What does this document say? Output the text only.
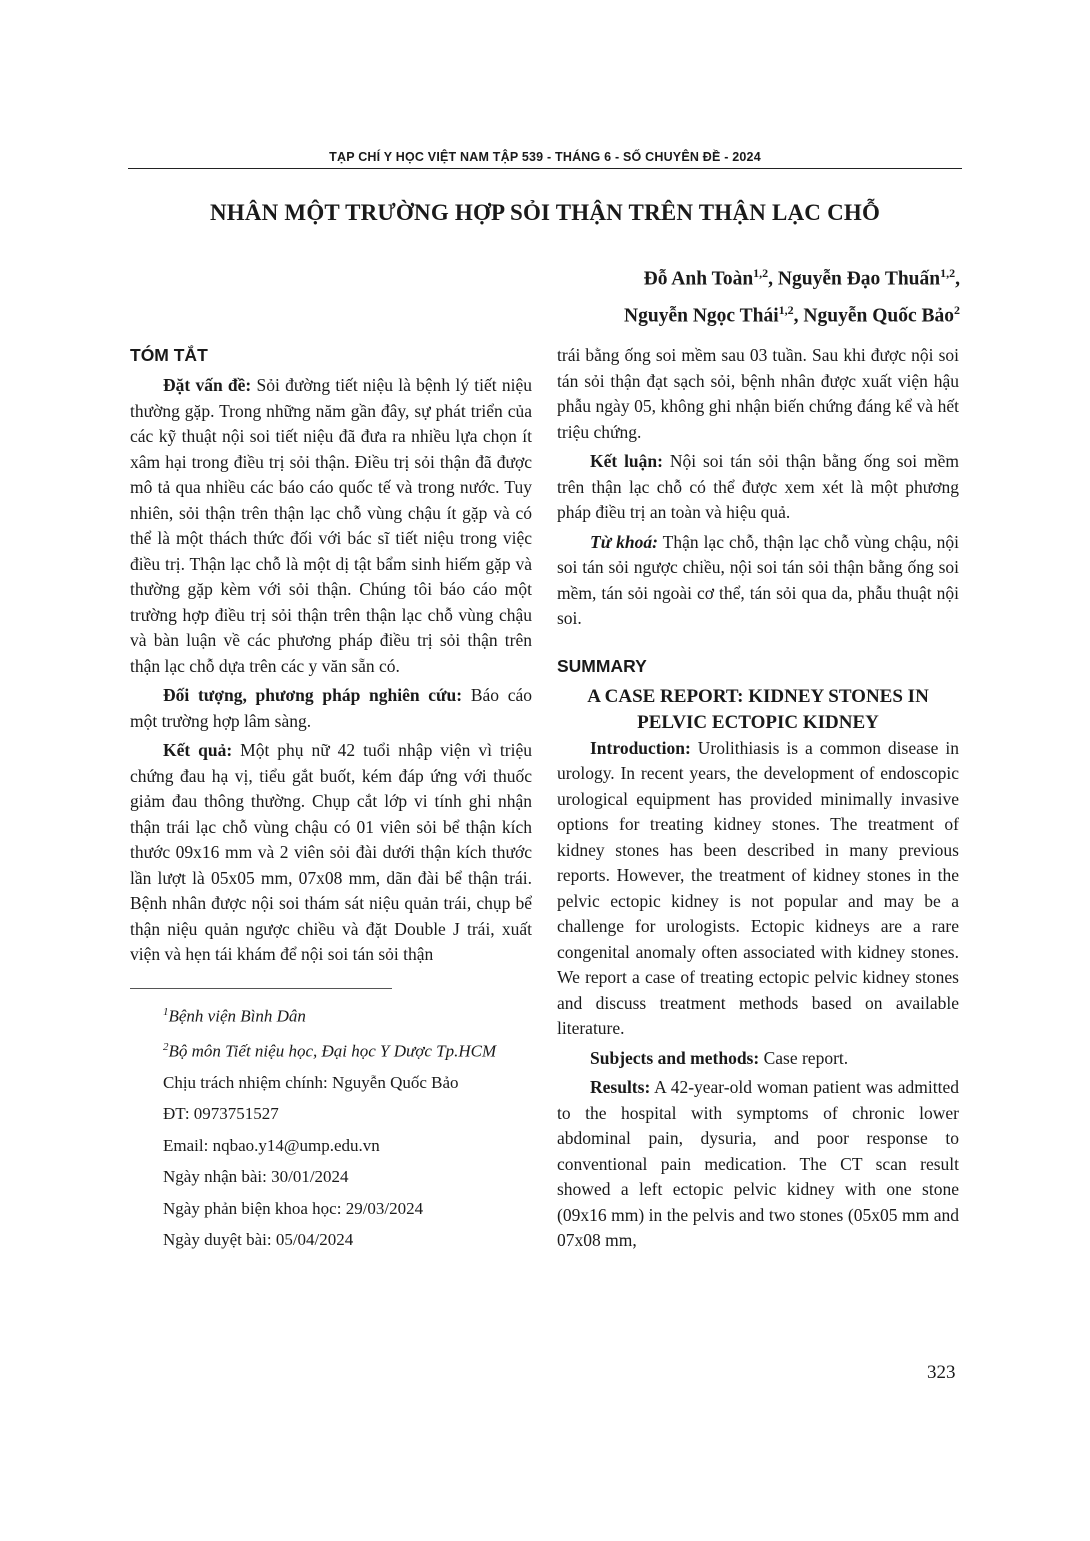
TẠP CHÍ Y HỌC VIỆT NAM TẬP 539 - THÁNG 6 - SỐ CHUYÊN ĐỀ - 2024
NHÂN MỘT TRƯỜNG HỢP SỎI THẬN TRÊN THẬN LẠC CHỖ
Đỗ Anh Toàn$^{1,2}$, Nguyễn Đạo Thuấn$^{1,2}$,
Nguyễn Ngọc Thái$^{1,2}$, Nguyễn Quốc Bảo$^2$
TÓM TẮT

Đặt vấn đề: Sỏi đường tiết niệu là bệnh lý tiết niệu thường gặp. Trong những năm gần đây, sự phát triển của các kỹ thuật nội soi tiết niệu đã đưa ra nhiều lựa chọn ít xâm hại trong điều trị sỏi thận. Điều trị sỏi thận đã được mô tả qua nhiều các báo cáo quốc tế và trong nước. Tuy nhiên, sỏi thận trên thận lạc chỗ vùng chậu ít gặp và có thể là một thách thức đối với bác sĩ tiết niệu trong việc điều trị. Thận lạc chỗ là một dị tật bẩm sinh hiếm gặp và thường gặp kèm với sỏi thận. Chúng tôi báo cáo một trường hợp điều trị sỏi thận trên thận lạc chỗ vùng chậu và bàn luận về các phương pháp điều trị sỏi thận trên thận lạc chỗ dựa trên các y văn sẵn có.

Đối tượng, phương pháp nghiên cứu: Báo cáo một trường hợp lâm sàng.

Kết quả: Một phụ nữ 42 tuổi nhập viện vì triệu chứng đau hạ vị, tiểu gắt buốt, kém đáp ứng với thuốc giảm đau thông thường. Chụp cắt lớp vi tính ghi nhận thận trái lạc chỗ vùng chậu có 01 viên sỏi bể thận kích thước 09x16 mm và 2 viên sỏi đài dưới thận kích thước lần lượt là 05x05 mm, 07x08 mm, dãn đài bể thận trái. Bệnh nhân được nội soi thám sát niệu quản trái, chụp bể thận niệu quản ngược chiều và đặt Double J trái, xuất viện và hẹn tái khám để nội soi tán sỏi thận

$^1$Bệnh viện Bình Dân

$^2$Bộ môn Tiết niệu học, Đại học Y Dược Tp.HCM

Chịu trách nhiệm chính: Nguyễn Quốc Bảo

ĐT: 0973751527

Email: nqbao.y14@ump.edu.vn

Ngày nhận bài: 30/01/2024

Ngày phản biện khoa học: 29/03/2024

Ngày duyệt bài: 05/04/2024

trái bằng ống soi mềm sau 03 tuần. Sau khi được nội soi tán sỏi thận đạt sạch sỏi, bệnh nhân được xuất viện hậu phẫu ngày 05, không ghi nhận biến chứng đáng kể và hết triệu chứng.

Kết luận: Nội soi tán sỏi thận bằng ống soi mềm trên thận lạc chỗ có thể được xem xét là một phương pháp điều trị an toàn và hiệu quả.

Từ khoá: Thận lạc chỗ, thận lạc chỗ vùng chậu, nội soi tán sỏi ngược chiều, nội soi tán sỏi thận bằng ống soi mềm, tán sỏi ngoài cơ thể, tán sỏi qua da, phẫu thuật nội soi.

SUMMARY
A CASE REPORT: KIDNEY STONES IN PELVIC ECTOPIC KIDNEY

Introduction: Urolithiasis is a common disease in urology. In recent years, the development of endoscopic urological equipment has provided minimally invasive options for treating kidney stones. The treatment of kidney stones has been described in many previous reports. However, the treatment of kidney stones in the pelvic ectopic kidney is not popular and may be a challenge for urologists. Ectopic kidneys are a rare congenital anomaly often associated with kidney stones. We report a case of treating ectopic pelvic kidney stones and discuss treatment methods based on available literature.

Subjects and methods: Case report.

Results: A 42-year-old woman patient was admitted to the hospital with symptoms of chronic lower abdominal pain, dysuria, and poor response to conventional pain medication. The CT scan result showed a left ectopic pelvic kidney with one stone (09x16 mm) in the pelvis and two stones (05x05 mm and 07x08 mm,

323
